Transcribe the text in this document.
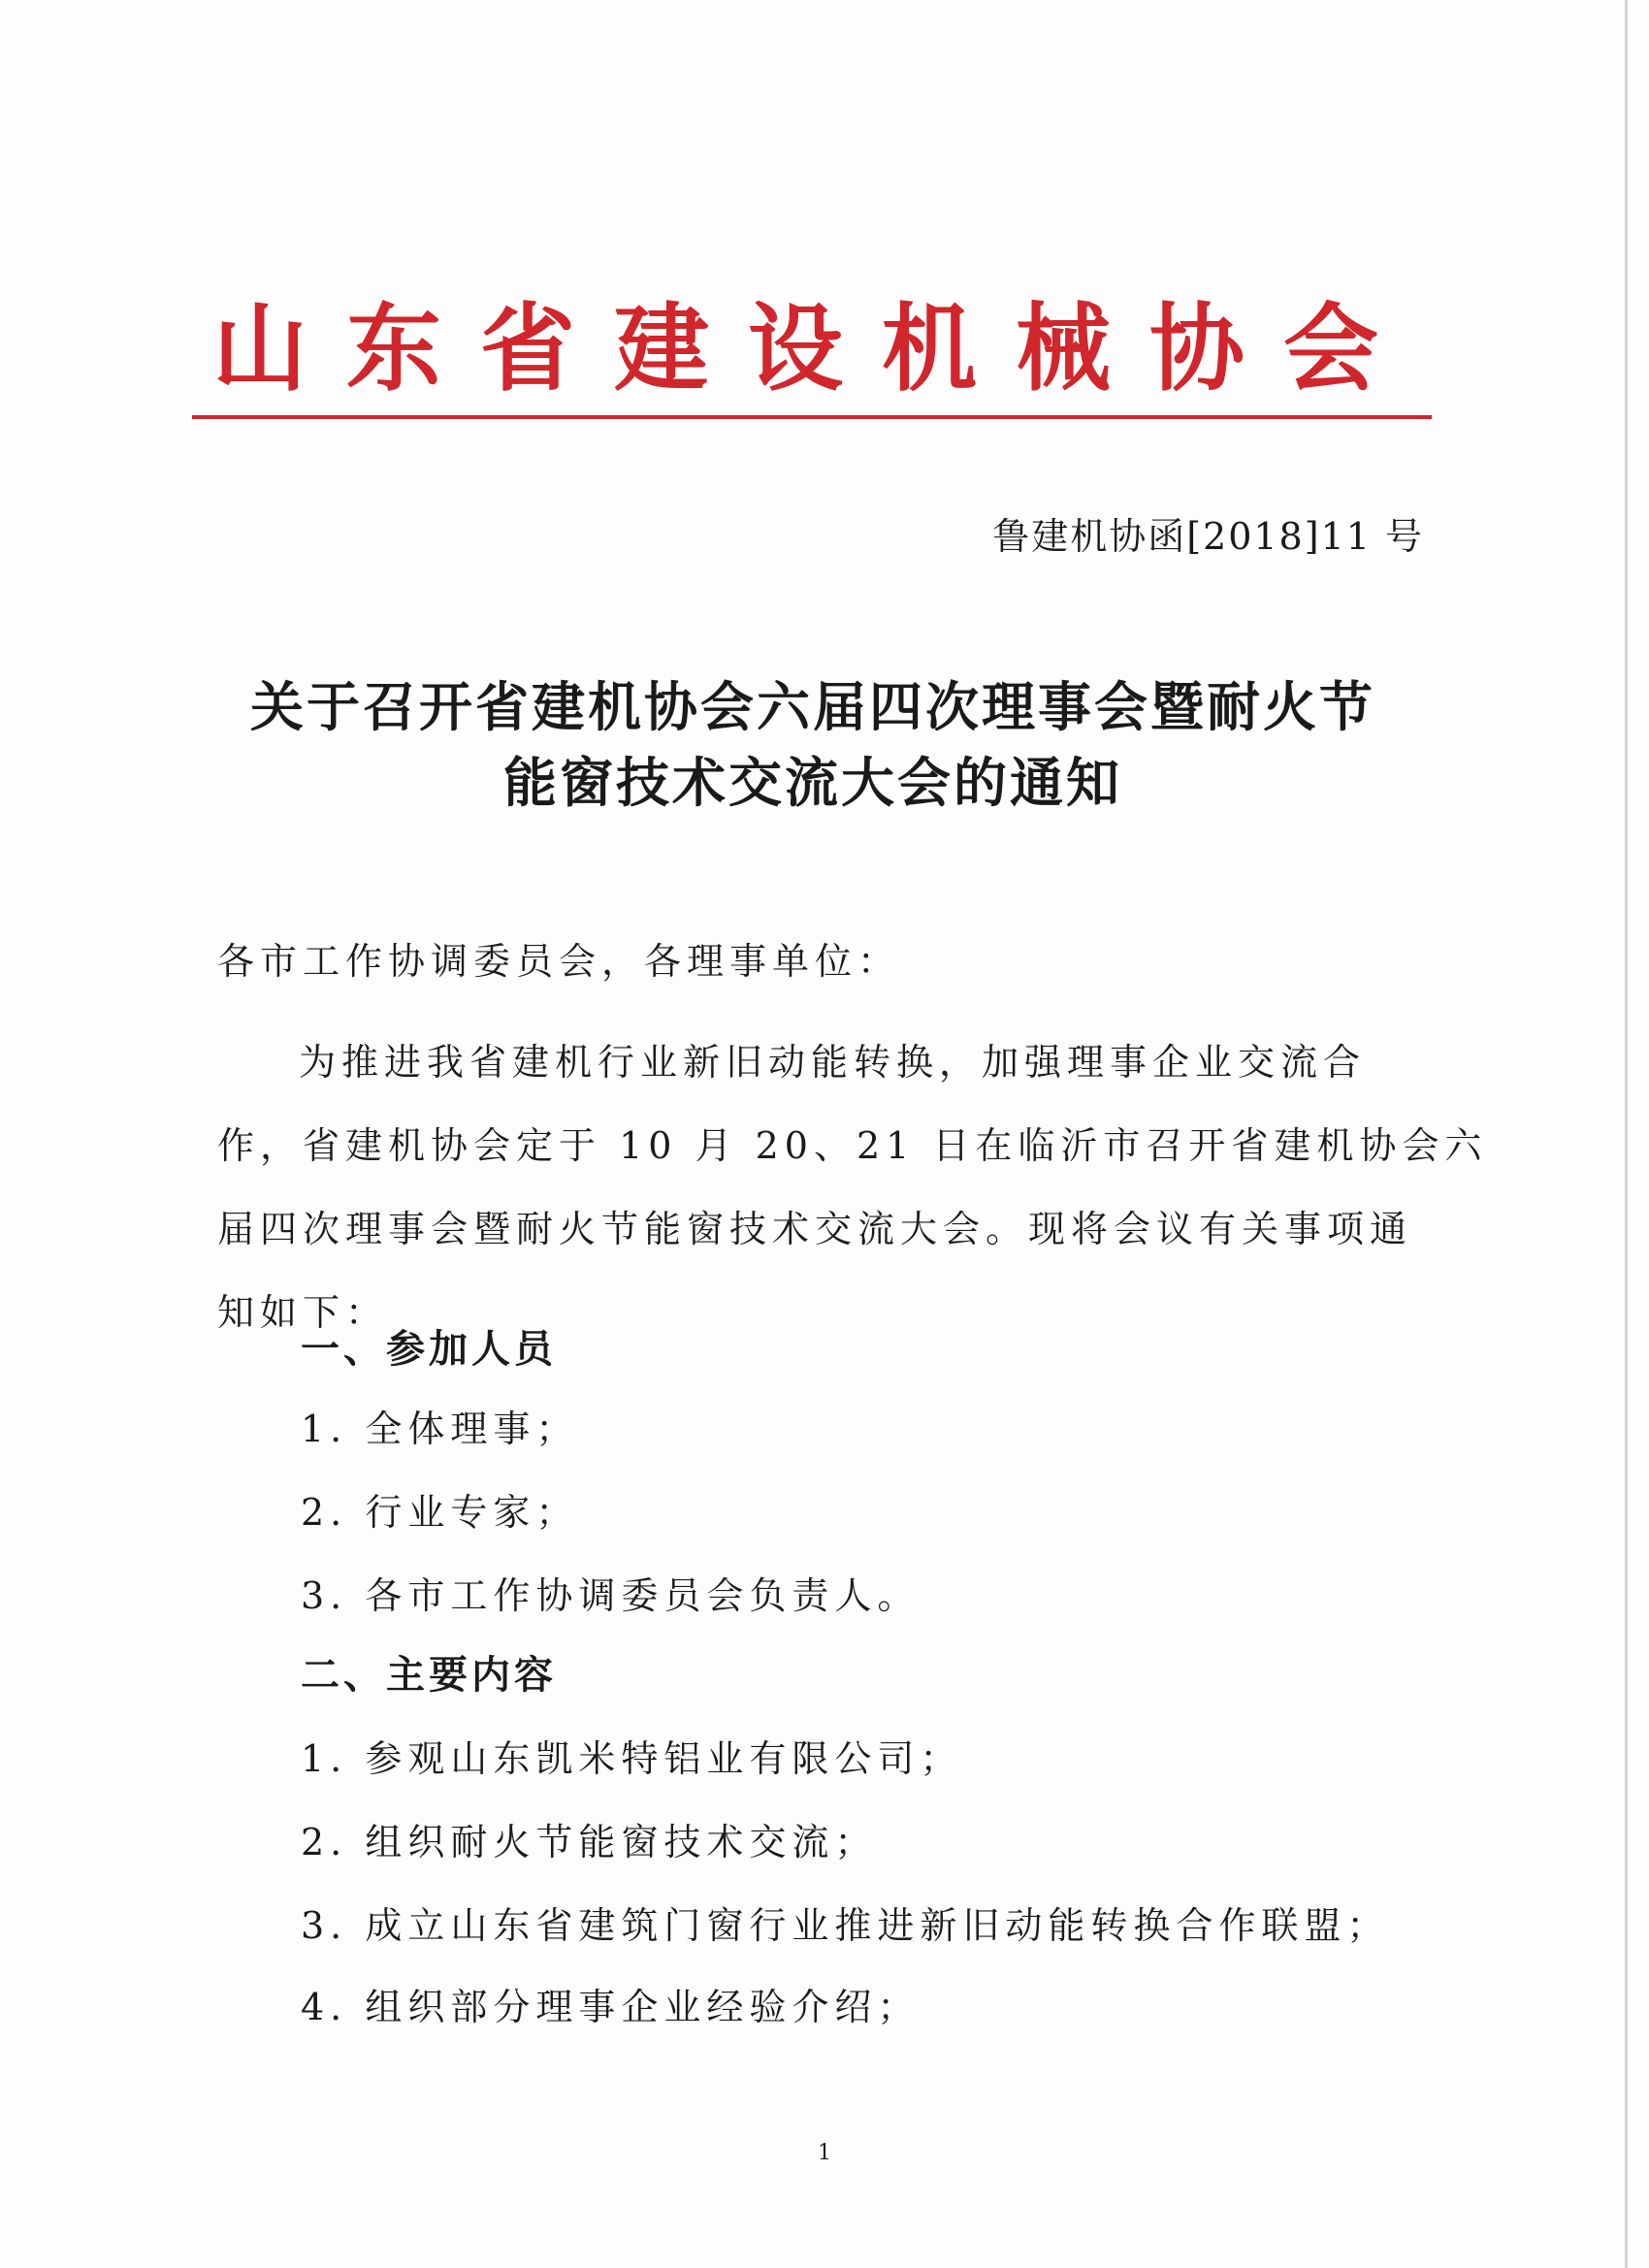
山东省建设机械协会
鲁建机协函[2018]11 号
关于召开省建机协会六届四次理事会暨耐火节
能窗技术交流大会的通知
各市工作协调委员会，各理事单位：
为推进我省建机行业新旧动能转换，加强理事企业交流合
作，省建机协会定于 10 月 20、21 日在临沂市召开省建机协会六
届四次理事会暨耐火节能窗技术交流大会。现将会议有关事项通
知如下：
一、参加人员
1. 全体理事；
2. 行业专家；
3. 各市工作协调委员会负责人。
二、主要内容
1. 参观山东凯米特铝业有限公司；
2. 组织耐火节能窗技术交流；
3. 成立山东省建筑门窗行业推进新旧动能转换合作联盟；
4. 组织部分理事企业经验介绍；
1
